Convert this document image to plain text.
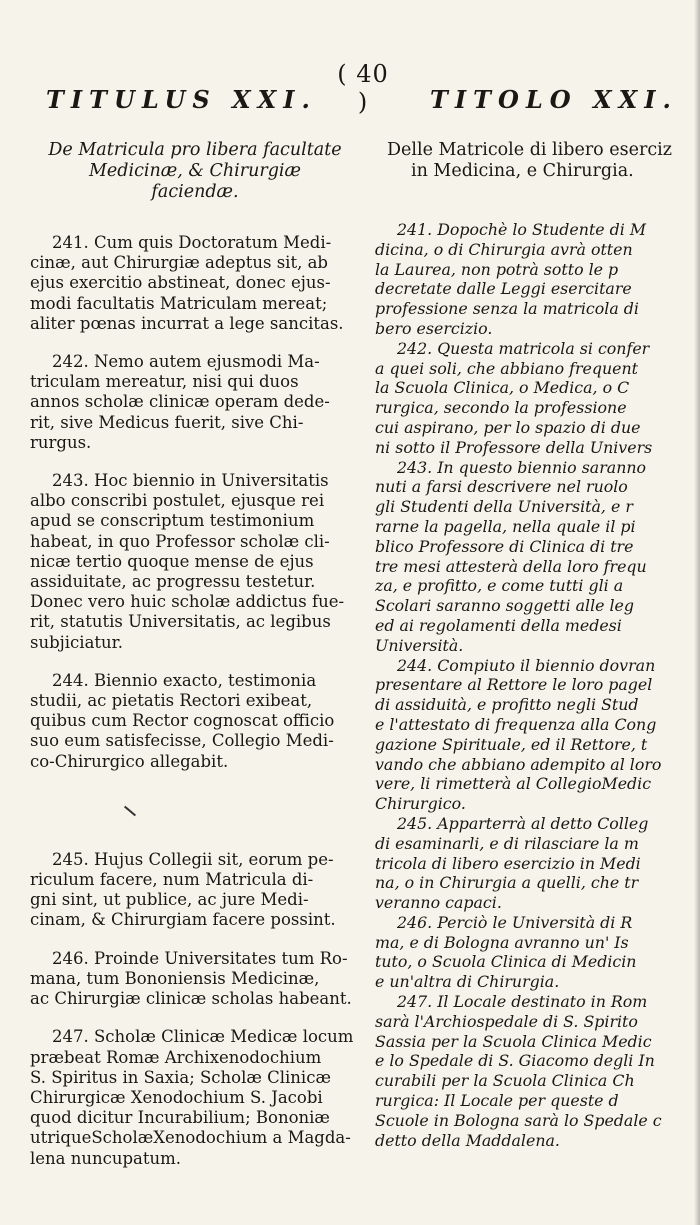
( 40 )
TITULUS XXI.
De Matricula pro libera facultate
Medicinæ, & Chirurgiæ
faciendæ.
241. Cum quis Doctoratum Medi-
cinæ, aut Chirurgiæ adeptus sit, ab
ejus exercitio abstineat, donec ejus-
modi facultatis Matriculam mereat;
aliter pœnas incurrat a lege sancitas.
242. Nemo autem ejusmodi Ma-
triculam mereatur, nisi qui duos
annos scholæ clinicæ operam dede-
rit, sive Medicus fuerit, sive Chi-
rurgus.
243. Hoc biennio in Universitatis
albo conscribi postulet, ejusque rei
apud se conscriptum testimonium
habeat, in quo Professor scholæ cli-
nicæ tertio quoque mense de ejus
assiduitate, ac progressu testetur.
Donec vero huic scholæ addictus fue-
rit, statutis Universitatis, ac legibus
subjiciatur.
244. Biennio exacto, testimonia
studii, ac pietatis Rectori exibeat,
quibus cum Rector cognoscat officio
suo eum satisfecisse, Collegio Medi-
co-Chirurgico allegabit.
245. Hujus Collegii sit, eorum pe-
riculum facere, num Matricula di-
gni sint, ut publice, ac jure Medi-
cinam, & Chirurgiam facere possint.
246. Proinde Universitates tum Ro-
mana, tum Bononiensis Medicinæ,
ac Chirurgiæ clinicæ scholas habeant.
247. Scholæ Clinicæ Medicæ locum
præbeat Romæ Archixenodochium
S. Spiritus in Saxia; Scholæ Clinicæ
Chirurgicæ Xenodochium S. Jacobi
quod dicitur Incurabilium; Bononiæ
utriqueScholæXenodochium a Magda-
lena nuncupatum.
TITOLO XXI.
Delle Matricole di libero eserciz
in Medicina, e Chirurgia.
241. Dopochè lo Studente di M
dicina, o di Chirurgia avrà otten
la Laurea, non potrà sotto le p
decretate dalle Leggi esercitare
professione senza la matricola di
bero esercizio.
242. Questa matricola si confer
a quei soli, che abbiano frequent
la Scuola Clinica, o Medica, o C
rurgica, secondo la professione
cui aspirano, per lo spazio di due
ni sotto il Professore della Univers
243. In questo biennio saranno
nuti a farsi descrivere nel ruolo
gli Studenti della Università, e r
rarne la pagella, nella quale il pi
blico Professore di Clinica di tre
tre mesi attesterà della loro frequ
za, e profitto, e come tutti gli a
Scolari saranno soggetti alle leg
ed ai regolamenti della medesi
Università.
244. Compiuto il biennio dovran
presentare al Rettore le loro pagel
di assiduità, e profitto negli Stud
e l'attestato di frequenza alla Cong
gazione Spirituale, ed il Rettore, t
vando che abbiano adempito al loro
vere, li rimetterà al CollegioMedic
Chirurgico.
245. Apparterrà al detto Colleg
di esaminarli, e di rilasciare la m
tricola di libero esercizio in Medi
na, o in Chirurgia a quelli, che tr
veranno capaci.
246. Perciò le Università di R
ma, e di Bologna avranno un' Is
tuto, o Scuola Clinica di Medicin
e un'altra di Chirurgia.
247. Il Locale destinato in Rom
sarà l'Archiospedale di S. Spirito
Sassia per la Scuola Clinica Medic
e lo Spedale di S. Giacomo degli In
curabili per la Scuola Clinica Ch
rurgica: Il Locale per queste d
Scuole in Bologna sarà lo Spedale c
detto della Maddalena.
